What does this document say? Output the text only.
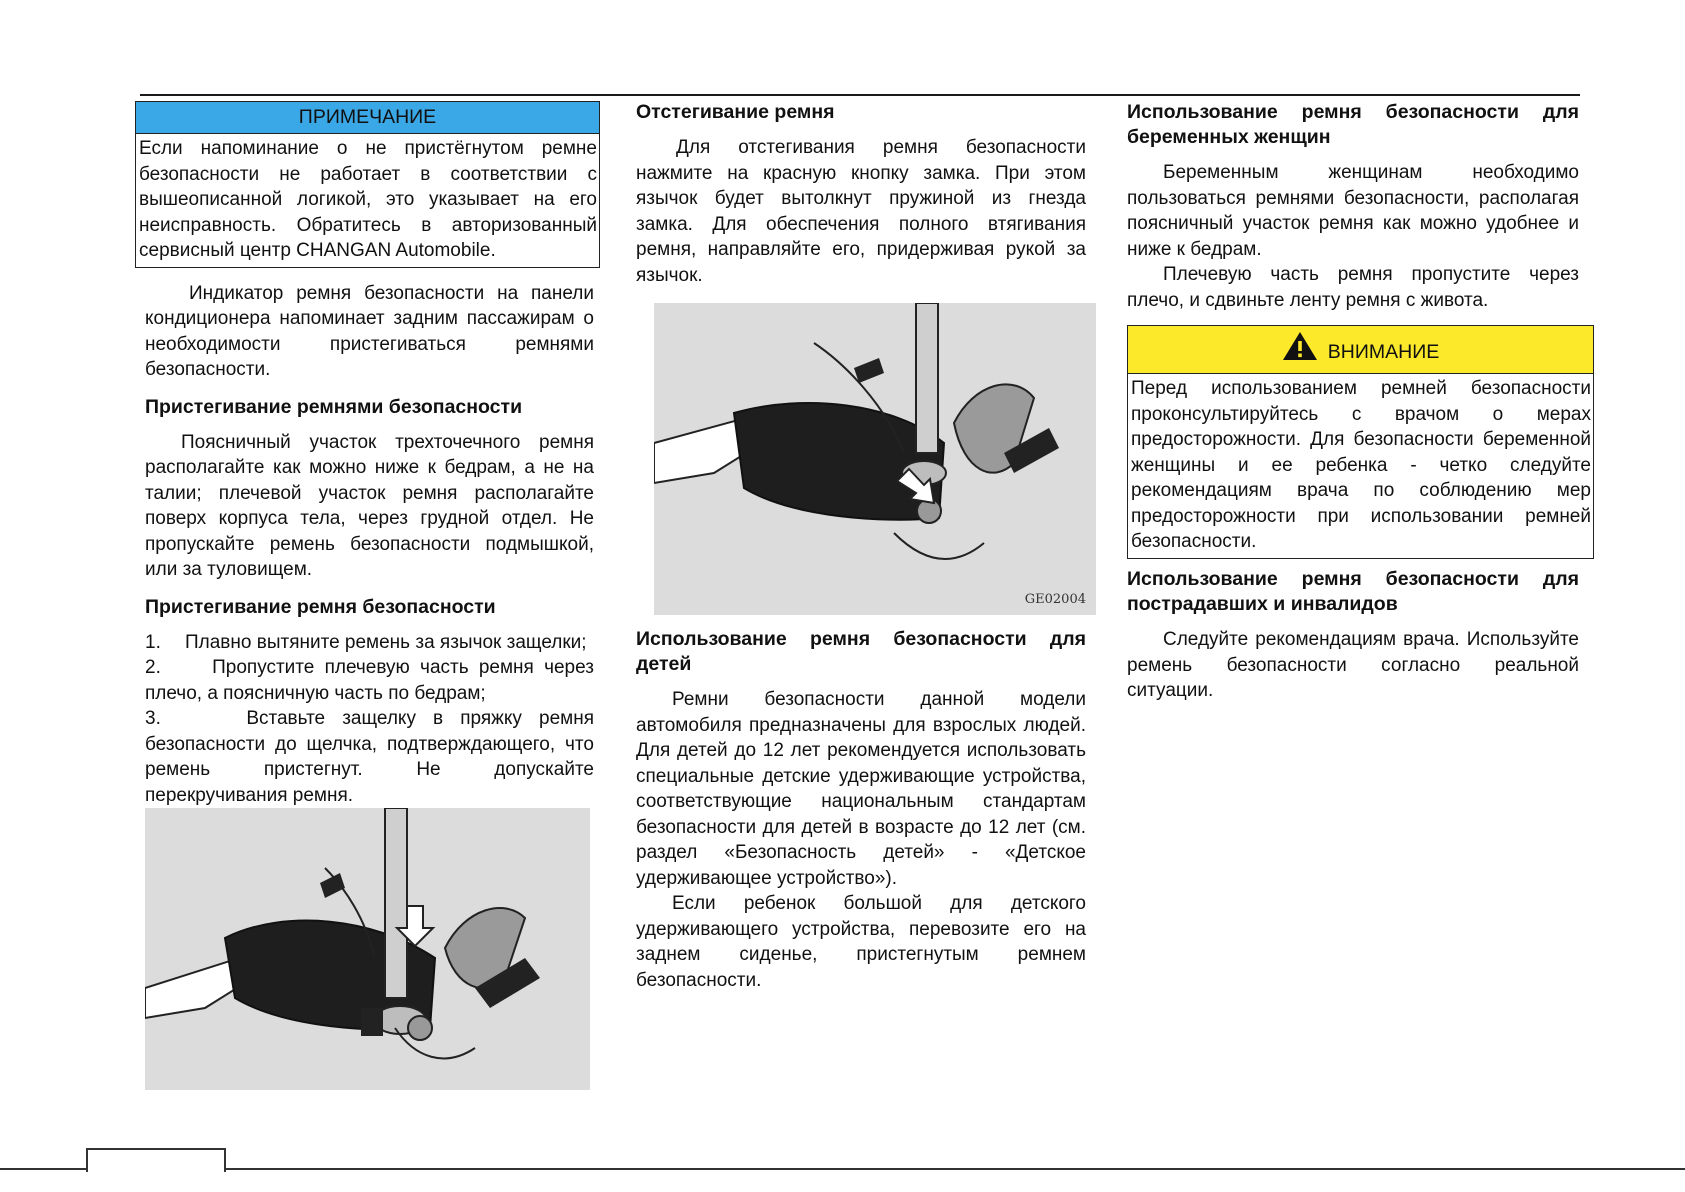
ПРИМЕЧАНИЕ

Если напоминание о не пристёгнутом ремне безопасности не работает в соответствии с вышеописанной логикой, это указывает на его неисправность. Обратитесь в авторизованный сервисный центр CHANGAN Automobile.

Индикатор ремня безопасности на панели кондиционера напоминает задним пассажирам о необходимости пристегиваться ремнями безопасности.

Пристегивание ремнями безопасности

Поясничный участок трехточечного ремня располагайте как можно ниже к бедрам, а не на талии; плечевой участок ремня располагайте поверх корпуса тела, через грудной отдел. Не пропускайте ремень безопасности подмышкой, или за туловищем.

Пристегивание ремня безопасности

1.	Плавно вытяните ремень за язычок защелки;

2.	Пропустите плечевую часть ремня через плечо, а поясничную часть по бедрам;

3.	Вставьте защелку в пряжку ремня безопасности до щелчка, подтверждающего, что ремень пристегнут. Не допускайте перекручивания ремня.

Отстегивание ремня

Для отстегивания ремня безопасности нажмите на красную кнопку замка. При этом язычок будет вытолкнут пружиной из гнезда замка. Для обеспечения полного втягивания ремня, направляйте его, придерживая рукой за язычок.

GE02004

Использование ремня безопасности для детей

Ремни безопасности данной модели автомобиля предназначены для взрослых людей. Для детей до 12 лет рекомендуется использовать специальные детские удерживающие устройства, соответствующие национальным стандартам безопасности для детей в возрасте до 12 лет (см. раздел «Безопасность детей» - «Детское удерживающее устройство»).

Если ребенок большой для детского удерживающего устройства, перевозите его на заднем сиденье, пристегнутым ремнем безопасности.

Использование ремня безопасности для беременных женщин

Беременным женщинам необходимо пользоваться ремнями безопасности, располагая поясничный участок ремня как можно удобнее и ниже к бедрам.

Плечевую часть ремня пропустите через плечо, и сдвиньте ленту ремня с живота.

ВНИМАНИЕ

Перед использованием ремней безопасности проконсультируйтесь с врачом о мерах предосторожности. Для безопасности беременной женщины и ее ребенка - четко следуйте рекомендациям врача по соблюдению мер предосторожности при использовании ремней безопасности.

Использование ремня безопасности для пострадавших и инвалидов

Следуйте рекомендациям врача. Используйте ремень безопасности согласно реальной ситуации.
